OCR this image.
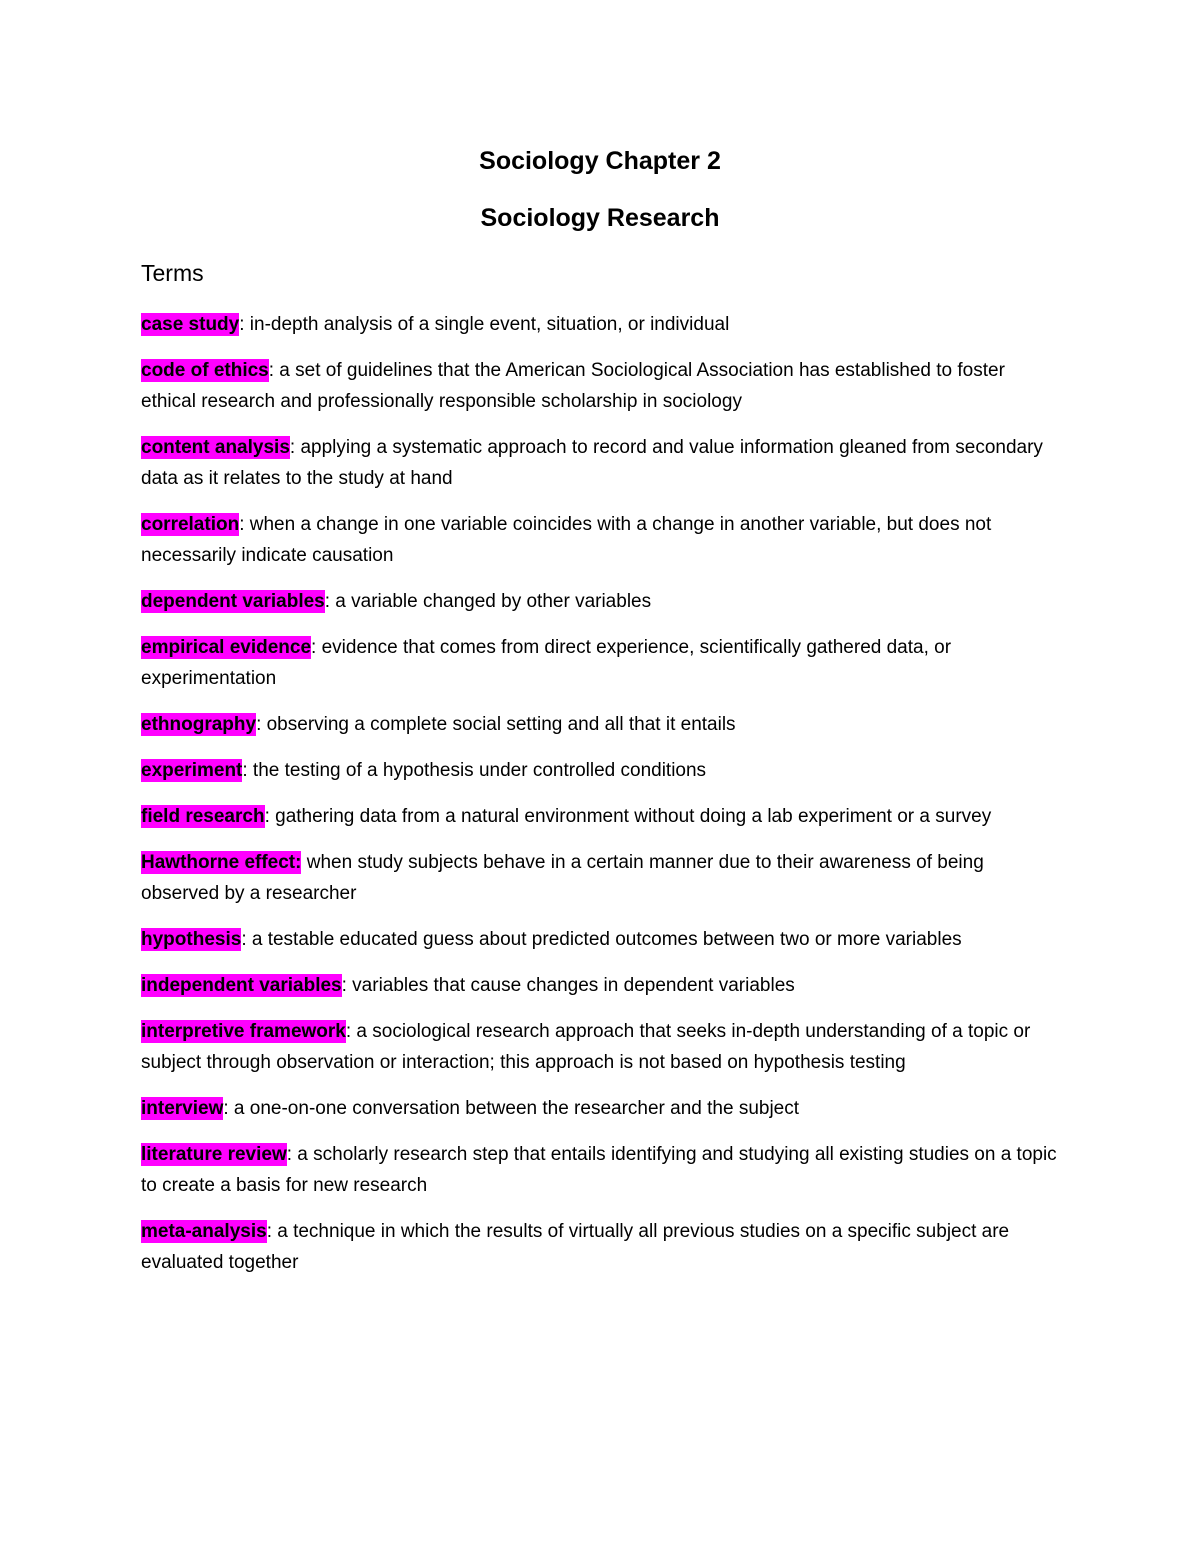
Sociology Chapter 2
Sociology Research
Terms

case study: in-depth analysis of a single event, situation, or individual

code of ethics: a set of guidelines that the American Sociological Association has established to foster ethical research and professionally responsible scholarship in sociology

content analysis: applying a systematic approach to record and value information gleaned from secondary data as it relates to the study at hand

correlation: when a change in one variable coincides with a change in another variable, but does not necessarily indicate causation

dependent variables: a variable changed by other variables

empirical evidence: evidence that comes from direct experience, scientifically gathered data, or experimentation

ethnography: observing a complete social setting and all that it entails

experiment: the testing of a hypothesis under controlled conditions

field research: gathering data from a natural environment without doing a lab experiment or a survey

Hawthorne effect: when study subjects behave in a certain manner due to their awareness of being observed by a researcher

hypothesis: a testable educated guess about predicted outcomes between two or more variables

independent variables: variables that cause changes in dependent variables

interpretive framework: a sociological research approach that seeks in-depth understanding of a topic or subject through observation or interaction; this approach is not based on hypothesis testing

interview: a one-on-one conversation between the researcher and the subject

literature review: a scholarly research step that entails identifying and studying all existing studies on a topic to create a basis for new research

meta-analysis: a technique in which the results of virtually all previous studies on a specific subject are evaluated together
